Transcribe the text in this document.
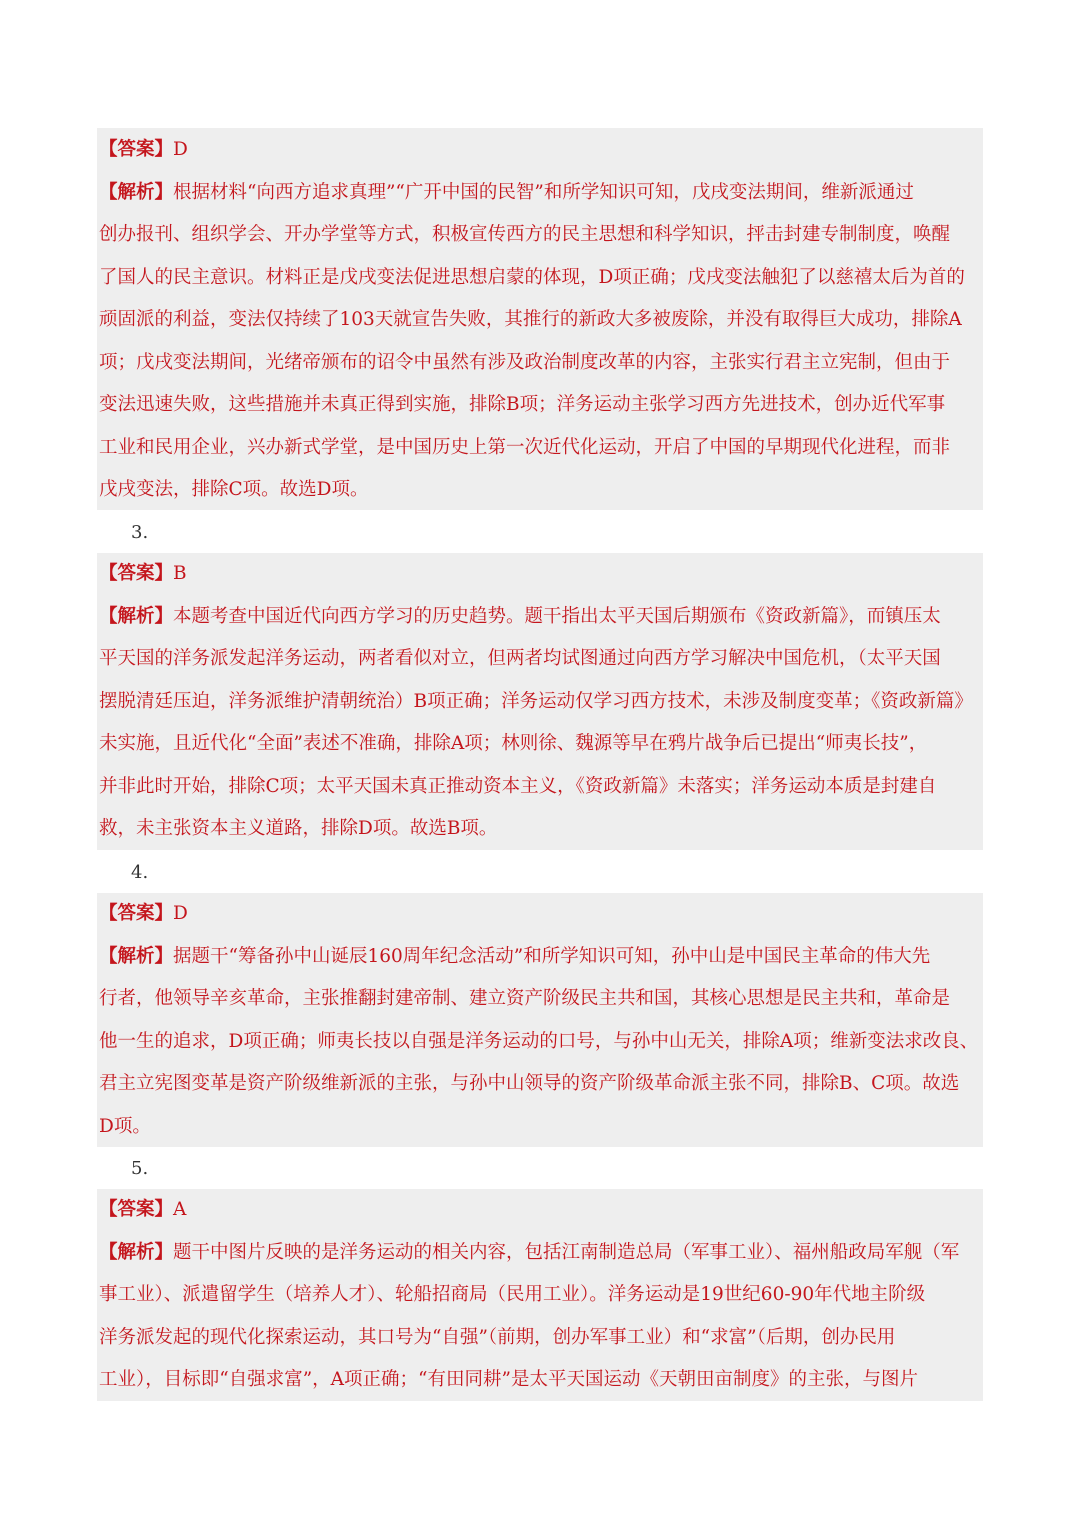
【答案】D
【解析】根据材料“向西方追求真理”“广开中国的民智”和所学知识可知，戊戌变法期间，维新派通过
创办报刊、组织学会、开办学堂等方式，积极宣传西方的民主思想和科学知识，抨击封建专制制度，唤醒
了国人的民主意识。材料正是戊戌变法促进思想启蒙的体现，D项正确；戊戌变法触犯了以慈禧太后为首的
顽固派的利益，变法仅持续了103天就宣告失败，其推行的新政大多被废除，并没有取得巨大成功，排除A
项；戊戌变法期间，光绪帝颁布的诏令中虽然有涉及政治制度改革的内容，主张实行君主立宪制，但由于
变法迅速失败，这些措施并未真正得到实施，排除B项；洋务运动主张学习西方先进技术，创办近代军事
工业和民用企业，兴办新式学堂，是中国历史上第一次近代化运动，开启了中国的早期现代化进程，而非
戊戌变法，排除C项。故选D项。
3.
【答案】B
【解析】本题考查中国近代向西方学习的历史趋势。题干指出太平天国后期颁布《资政新篇》，而镇压太
平天国的洋务派发起洋务运动，两者看似对立，但两者均试图通过向西方学习解决中国危机，（太平天国
摆脱清廷压迫，洋务派维护清朝统治）B项正确；洋务运动仅学习西方技术，未涉及制度变革；《资政新篇》
未实施，且近代化“全面”表述不准确，排除A项；林则徐、魏源等早在鸦片战争后已提出“师夷长技”，
并非此时开始，排除C项；太平天国未真正推动资本主义，《资政新篇》未落实；洋务运动本质是封建自
救，未主张资本主义道路，排除D项。故选B项。
4.
【答案】D
【解析】据题干“筹备孙中山诞辰160周年纪念活动”和所学知识可知，孙中山是中国民主革命的伟大先
行者，他领导辛亥革命，主张推翻封建帝制、建立资产阶级民主共和国，其核心思想是民主共和，革命是
他一生的追求，D项正确；师夷长技以自强是洋务运动的口号，与孙中山无关，排除A项；维新变法求改良、
君主立宪图变革是资产阶级维新派的主张，与孙中山领导的资产阶级革命派主张不同，排除B、C项。故选
D项。
5.
【答案】A
【解析】题干中图片反映的是洋务运动的相关内容，包括江南制造总局（军事工业）、福州船政局军舰（军
事工业）、派遣留学生（培养人才）、轮船招商局（民用工业）。洋务运动是19世纪60-90年代地主阶级
洋务派发起的现代化探索运动，其口号为“自强”（前期，创办军事工业）和“求富”（后期，创办民用
工业），目标即“自强求富”，A项正确；“有田同耕”是太平天国运动《天朝田亩制度》的主张，与图片
